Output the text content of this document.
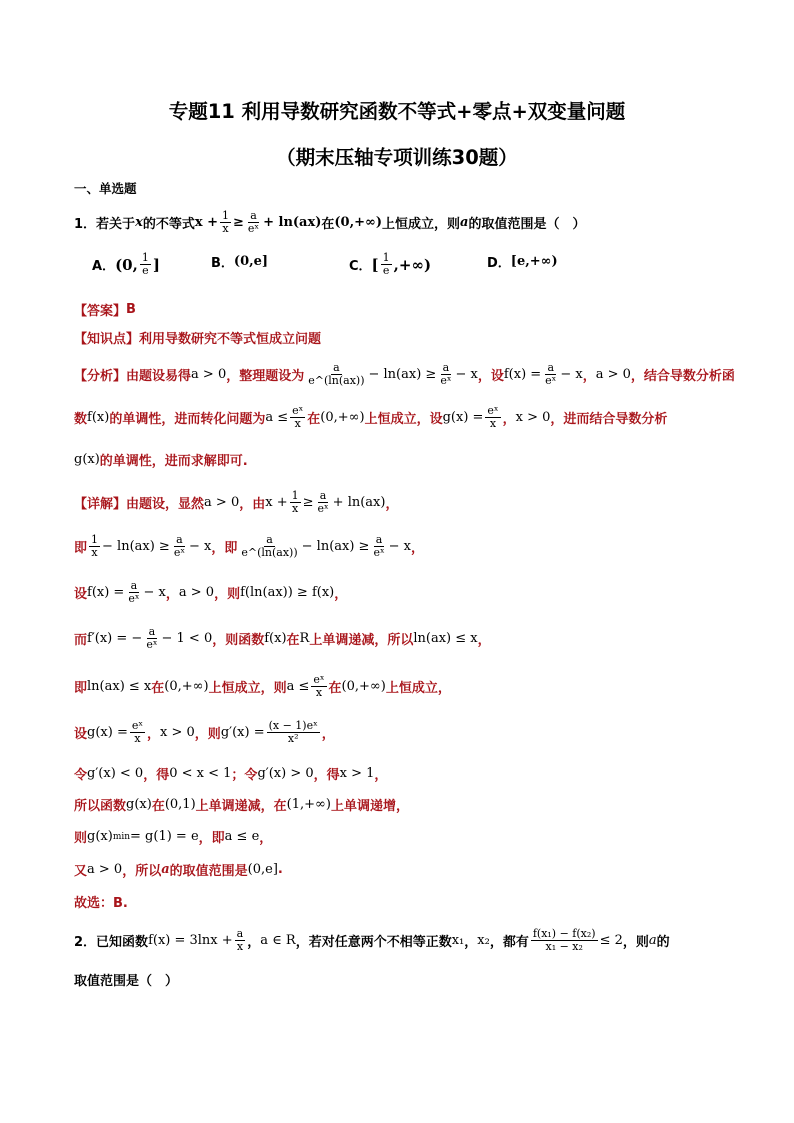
专题11 利用导数研究函数不等式+零点+双变量问题
（期末压轴专项训练30题）
一、单选题
1． 若关于 x 的不等式 $x + \frac{1}{x} \ge \frac{a}{\text{eˣ}} + \ln(ax)$ 在 (0,+∞) 上恒成立，则 a 的取值范围是（　）
A． (0, $\frac{1}{e}$ ]	B． (0,e]	C． [ $\frac{1}{e}$ ,+∞)	D． [e,+∞)
【答案】 B
【知识点】 利用导数研究不等式恒成立问题
【分析】 由题设易得 a > 0 ，整理题设为 $\frac{a}{e\^{}(\ln(ax))} - \ln(ax) \ge \frac{a}{\text{eˣ}} - x$ ，设 $f(x) = \frac{a}{\text{eˣ}} - x$ ， a > 0 ，结合导数分析函
数 f(x) 的单调性，进而转化问题为 $a \le \frac{\text{eˣ}}{x}$ 在 (0,+∞) 上恒成立，设 $g(x) = \frac{\text{eˣ}}{x}$ ， x > 0 ，进而结合导数分析
g(x) 的单调性，进而求解即可.
【详解】 由题设，显然 a > 0 ，由 $x + \frac{1}{x} \ge \frac{a}{\text{eˣ}} + \ln(ax)$ ，
即 $\frac{1}{x} - \ln(ax) \ge \frac{a}{\text{eˣ}} - x$ ，即 $\frac{a}{e\^{}(\ln(ax))} - \ln(ax) \ge \frac{a}{\text{eˣ}} - x$ ，
设 $f(x) = \frac{a}{\text{eˣ}} - x$ ， a > 0 ，则 f(ln(ax)) ≥ f(x) ，
而 f′(x) = − $\frac{a}{\text{eˣ}} - 1 < 0$ ，则函数 f(x) 在 R 上单调递减，所以 ln(ax) ≤ x ，
即 ln(ax) ≤ x 在 (0,+∞) 上恒成立，则 $a \le \frac{\text{eˣ}}{x}$ 在 (0,+∞) 上恒成立，
设 $g(x) = \frac{\text{eˣ}}{x}$ ， x > 0 ，则 $g'(x) = \frac{\text{(x − 1)eˣ}}{\text{x²}}$ ，
令 g′(x) < 0 ，得 0 < x < 1 ；令 g′(x) > 0 ，得 x > 1 ，
所以函数 g(x) 在 (0,1) 上单调递减，在 (1,+∞) 上单调递增，
则 g(x) min = g(1) = e ，即 a ≤ e ，
又 a > 0 ，所以 a 的取值范围是 (0,e] .
故选：B.
2． 已知函数 $f(x) = 3\ln x + \frac{a}{x}$ ， a ∈ R ，若对任意两个不相等正数 x₁ ， x₂ ，都有 $\frac{\text{f(x₁) − f(x₂)}}{\text{x₁ − x₂}} \le 2$ ，则 a 的
取值范围是（　）
